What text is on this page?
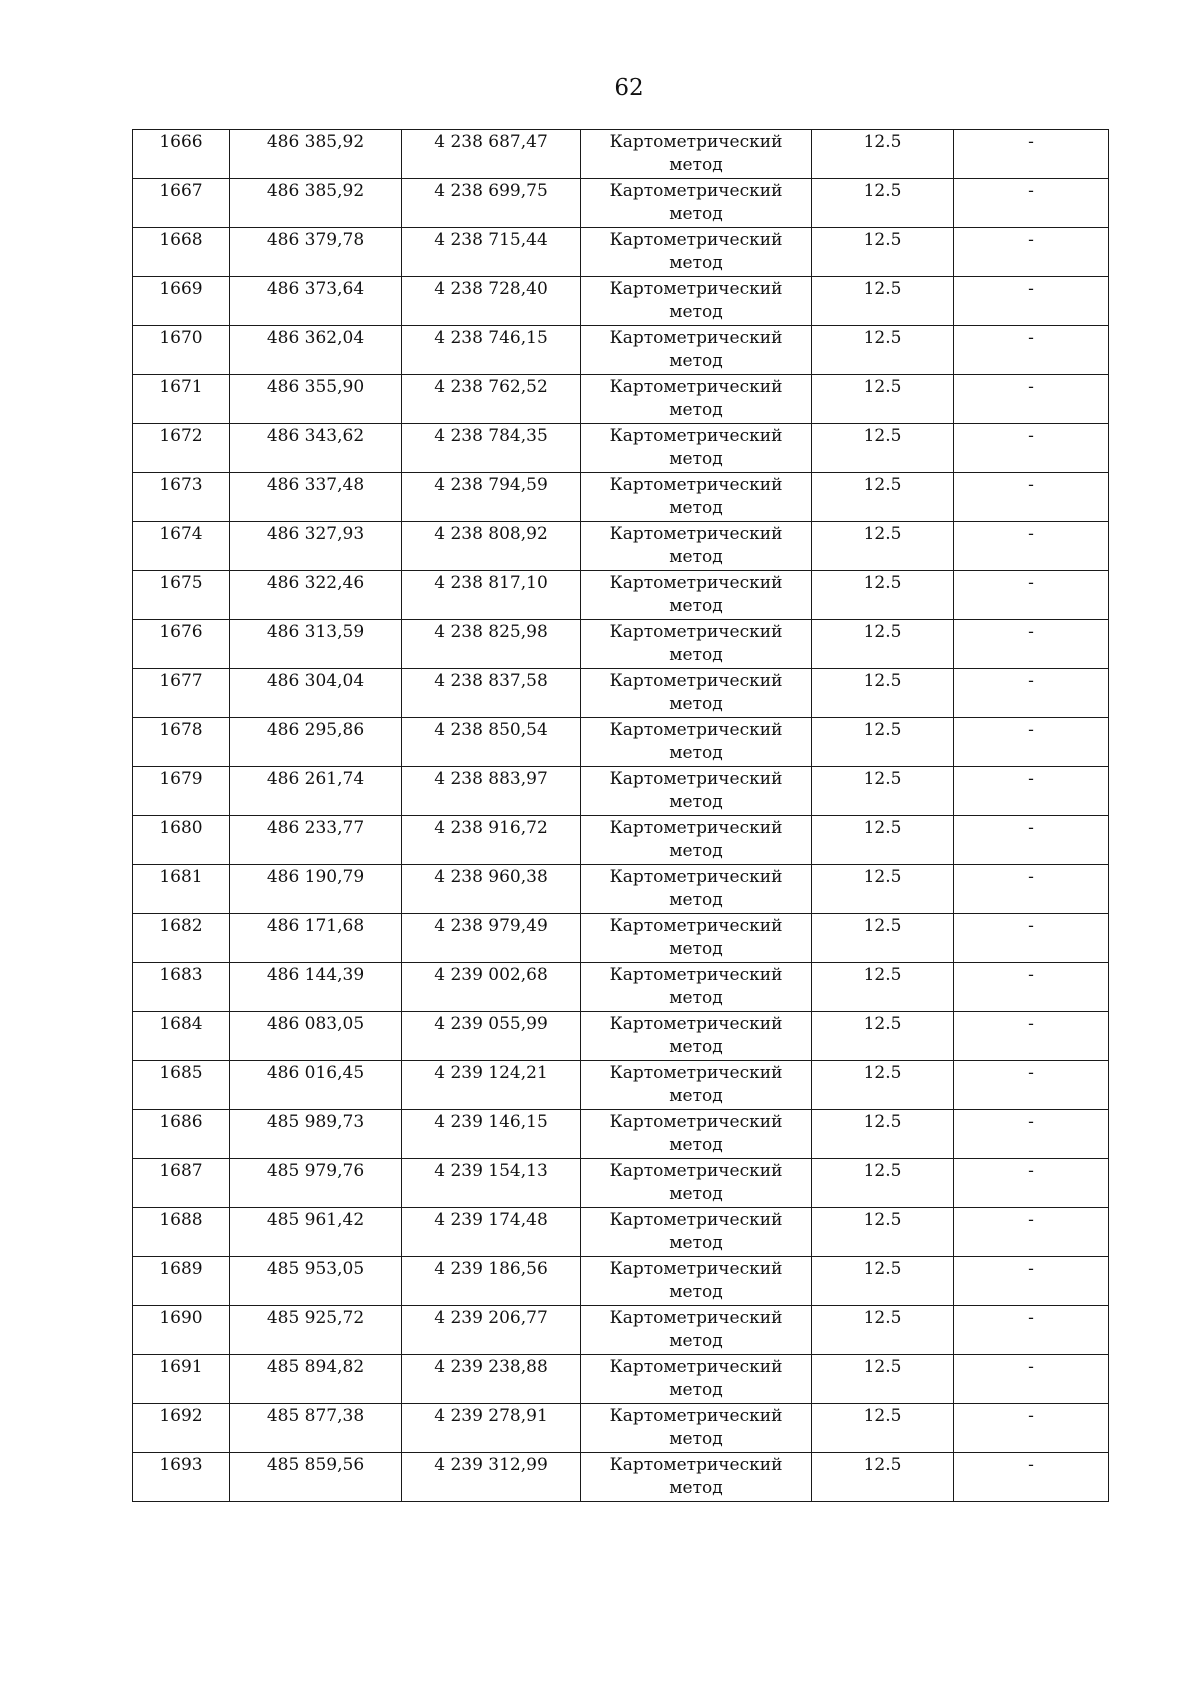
62
1666	486 385,92	4 238 687,47	Картометрический
метод	12.5	-
1667	486 385,92	4 238 699,75	Картометрический
метод	12.5	-
1668	486 379,78	4 238 715,44	Картометрический
метод	12.5	-
1669	486 373,64	4 238 728,40	Картометрический
метод	12.5	-
1670	486 362,04	4 238 746,15	Картометрический
метод	12.5	-
1671	486 355,90	4 238 762,52	Картометрический
метод	12.5	-
1672	486 343,62	4 238 784,35	Картометрический
метод	12.5	-
1673	486 337,48	4 238 794,59	Картометрический
метод	12.5	-
1674	486 327,93	4 238 808,92	Картометрический
метод	12.5	-
1675	486 322,46	4 238 817,10	Картометрический
метод	12.5	-
1676	486 313,59	4 238 825,98	Картометрический
метод	12.5	-
1677	486 304,04	4 238 837,58	Картометрический
метод	12.5	-
1678	486 295,86	4 238 850,54	Картометрический
метод	12.5	-
1679	486 261,74	4 238 883,97	Картометрический
метод	12.5	-
1680	486 233,77	4 238 916,72	Картометрический
метод	12.5	-
1681	486 190,79	4 238 960,38	Картометрический
метод	12.5	-
1682	486 171,68	4 238 979,49	Картометрический
метод	12.5	-
1683	486 144,39	4 239 002,68	Картометрический
метод	12.5	-
1684	486 083,05	4 239 055,99	Картометрический
метод	12.5	-
1685	486 016,45	4 239 124,21	Картометрический
метод	12.5	-
1686	485 989,73	4 239 146,15	Картометрический
метод	12.5	-
1687	485 979,76	4 239 154,13	Картометрический
метод	12.5	-
1688	485 961,42	4 239 174,48	Картометрический
метод	12.5	-
1689	485 953,05	4 239 186,56	Картометрический
метод	12.5	-
1690	485 925,72	4 239 206,77	Картометрический
метод	12.5	-
1691	485 894,82	4 239 238,88	Картометрический
метод	12.5	-
1692	485 877,38	4 239 278,91	Картометрический
метод	12.5	-
1693	485 859,56	4 239 312,99	Картометрический
метод	12.5	-
